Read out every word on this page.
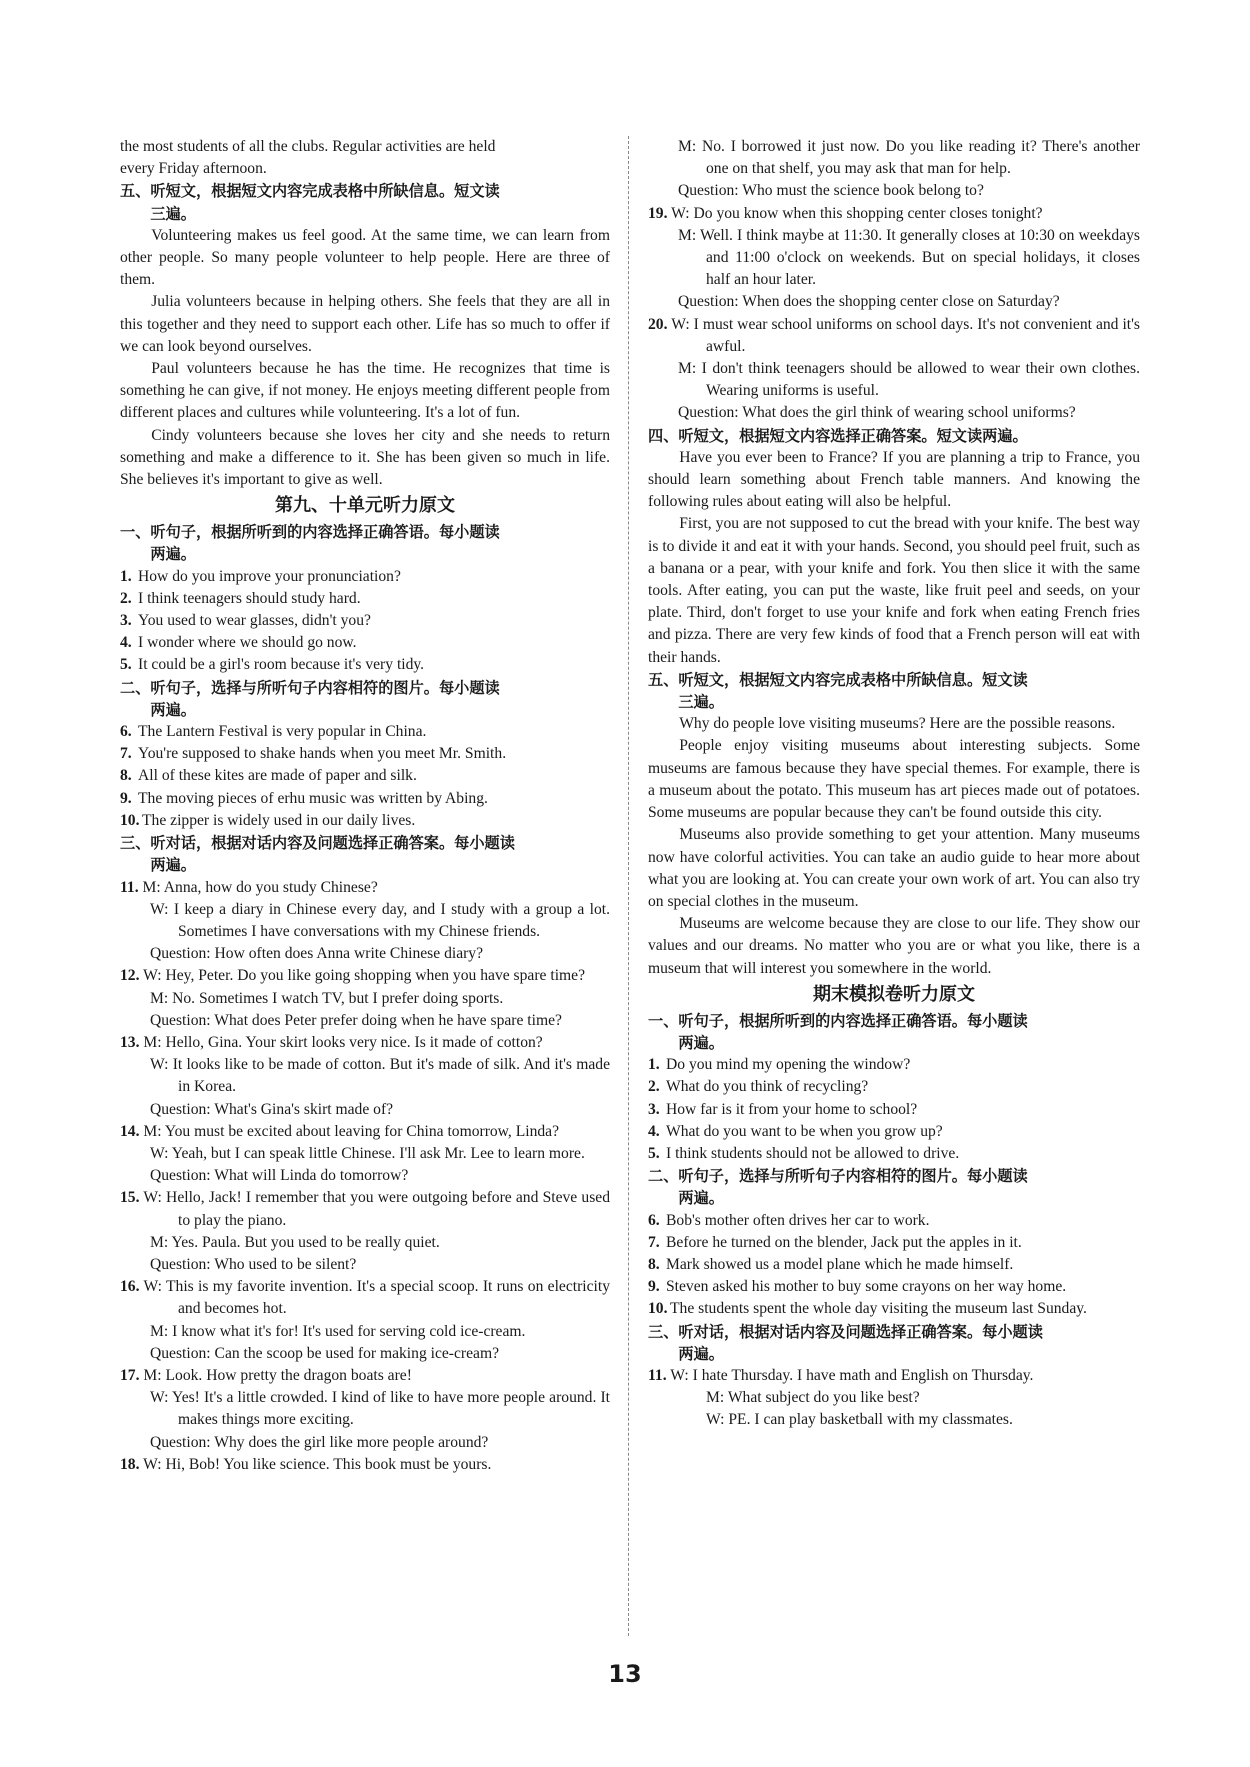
the most students of all the clubs. Regular activities are held

every Friday afternoon.

五、听短文，根据短文内容完成表格中所缺信息。短文读
三遍。

Volunteering makes us feel good. At the same time, we can learn from other people. So many people volunteer to help people. Here are three of them.

Julia volunteers because in helping others. She feels that they are all in this together and they need to support each other. Life has so much to offer if we can look beyond ourselves.

Paul volunteers because he has the time. He recognizes that time is something he can give, if not money. He enjoys meeting different people from different places and cultures while volunteering. It's a lot of fun.

Cindy volunteers because she loves her city and she needs to return something and make a difference to it. She has been given so much in life. She believes it's important to give as well.

第九、十单元听力原文

一、听句子，根据所听到的内容选择正确答语。每小题读
两遍。
1. How do you improve your pronunciation?
2. I think teenagers should study hard.
3. You used to wear glasses, didn't you?
4. I wonder where we should go now.
5. It could be a girl's room because it's very tidy.
二、听句子，选择与所听句子内容相符的图片。每小题读
两遍。
6. The Lantern Festival is very popular in China.
7. You're supposed to shake hands when you meet Mr. Smith.
8. All of these kites are made of paper and silk.
9. The moving pieces of erhu music was written by Abing.
10. The zipper is widely used in our daily lives.
三、听对话，根据对话内容及问题选择正确答案。每小题读
两遍。
11. M: Anna, how do you study Chinese?

W: I keep a diary in Chinese every day, and I study with a group a lot. Sometimes I have conversations with my Chinese friends.

Question: How often does Anna write Chinese diary?

12. W: Hey, Peter. Do you like going shopping when you have spare time?

M: No. Sometimes I watch TV, but I prefer doing sports.

Question: What does Peter prefer doing when he have spare time?

13. M: Hello, Gina. Your skirt looks very nice. Is it made of cotton?

W: It looks like to be made of cotton. But it's made of silk. And it's made in Korea.

Question: What's Gina's skirt made of?

14. M: You must be excited about leaving for China tomorrow, Linda?

W: Yeah, but I can speak little Chinese. I'll ask Mr. Lee to learn more.

Question: What will Linda do tomorrow?

15. W: Hello, Jack! I remember that you were outgoing before and Steve used to play the piano.

M: Yes. Paula. But you used to be really quiet.

Question: Who used to be silent?

16. W: This is my favorite invention. It's a special scoop. It runs on electricity and becomes hot.

M: I know what it's for! It's used for serving cold ice-cream.

Question: Can the scoop be used for making ice-cream?

17. M: Look. How pretty the dragon boats are!

W: Yes! It's a little crowded. I kind of like to have more people around. It makes things more exciting.

Question: Why does the girl like more people around?

18. W: Hi, Bob! You like science. This book must be yours.

M: No. I borrowed it just now. Do you like reading it? There's another one on that shelf, you may ask that man for help.

Question: Who must the science book belong to?

19. W: Do you know when this shopping center closes tonight?

M: Well. I think maybe at 11:30. It generally closes at 10:30 on weekdays and 11:00 o'clock on weekends. But on special holidays, it closes half an hour later.

Question: When does the shopping center close on Saturday?

20. W: I must wear school uniforms on school days. It's not convenient and it's awful.

M: I don't think teenagers should be allowed to wear their own clothes. Wearing uniforms is useful.

Question: What does the girl think of wearing school uniforms?

四、听短文，根据短文内容选择正确答案。短文读两遍。

Have you ever been to France? If you are planning a trip to France, you should learn something about French table manners. And knowing the following rules about eating will also be helpful.

First, you are not supposed to cut the bread with your knife. The best way is to divide it and eat it with your hands. Second, you should peel fruit, such as a banana or a pear, with your knife and fork. You then slice it with the same tools. After eating, you can put the waste, like fruit peel and seeds, on your plate. Third, don't forget to use your knife and fork when eating French fries and pizza. There are very few kinds of food that a French person will eat with their hands.

五、听短文，根据短文内容完成表格中所缺信息。短文读
三遍。

Why do people love visiting museums? Here are the possible reasons.

People enjoy visiting museums about interesting subjects. Some museums are famous because they have special themes. For example, there is a museum about the potato. This museum has art pieces made out of potatoes. Some museums are popular because they can't be found outside this city.

Museums also provide something to get your attention. Many museums now have colorful activities. You can take an audio guide to hear more about what you are looking at. You can create your own work of art. You can also try on special clothes in the museum.

Museums are welcome because they are close to our life. They show our values and our dreams. No matter who you are or what you like, there is a museum that will interest you somewhere in the world.

期末模拟卷听力原文

一、听句子，根据所听到的内容选择正确答语。每小题读
两遍。
1. Do you mind my opening the window?
2. What do you think of recycling?
3. How far is it from your home to school?
4. What do you want to be when you grow up?
5. I think students should not be allowed to drive.
二、听句子，选择与所听句子内容相符的图片。每小题读
两遍。
6. Bob's mother often drives her car to work.
7. Before he turned on the blender, Jack put the apples in it.
8. Mark showed us a model plane which he made himself.
9. Steven asked his mother to buy some crayons on her way home.
10. The students spent the whole day visiting the museum last Sunday.
三、听对话，根据对话内容及问题选择正确答案。每小题读
两遍。
11. W: I hate Thursday. I have math and English on Thursday.

M: What subject do you like best?

W: PE. I can play basketball with my classmates.

13
